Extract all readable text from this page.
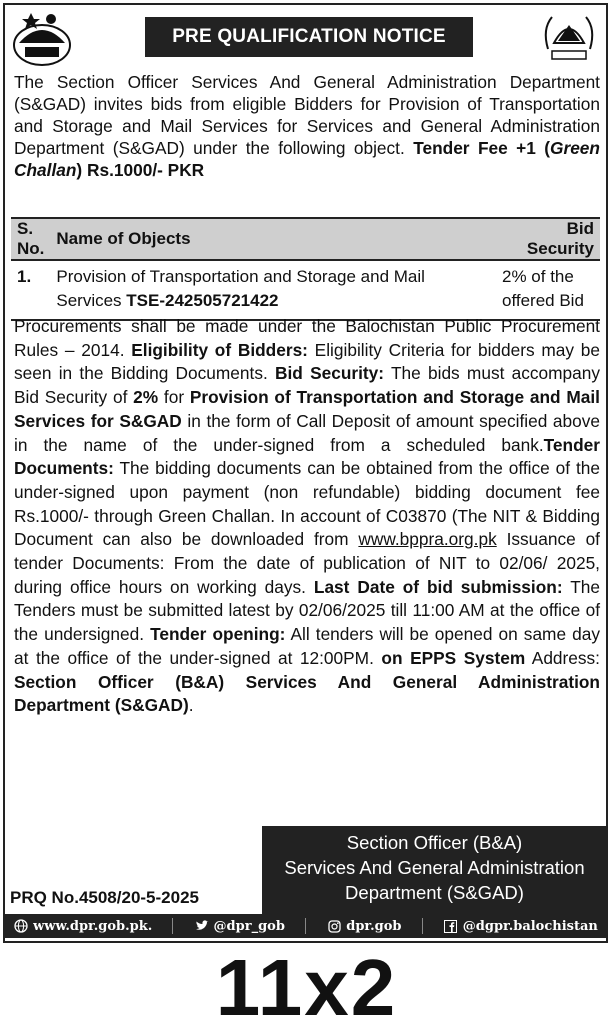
PRE QUALIFICATION NOTICE
The Section Officer Services And General Administration Department (S&GAD) invites bids from eligible Bidders for Provision of Transportation and Storage and Mail Services for Services and General Administration Department (S&GAD) under the following object. Tender Fee +1 (Green Challan) Rs.1000/- PKR
S. No.	Name of Objects	Bid Security
1.	Provision of Transportation and Storage and Mail Services TSE-242505721422	2% of the offered Bid
Procurements shall be made under the Balochistan Public Procurement Rules – 2014. Eligibility of Bidders: Eligibility Criteria for bidders may be seen in the Bidding Documents. Bid Security: The bids must accompany Bid Security of 2% for Provision of Transportation and Storage and Mail Services for S&GAD in the form of Call Deposit of amount specified above in the name of the under-signed from a scheduled bank.Tender Documents: The bidding documents can be obtained from the office of the under-signed upon payment (non refundable) bidding document fee Rs.1000/- through Green Challan. In account of C03870 (The NIT & Bidding Document can also be downloaded from www.bppra.org.pk Issuance of tender Documents: From the date of publication of NIT to 02/06/ 2025, during office hours on working days. Last Date of bid submission: The Tenders must be submitted latest by 02/06/2025 till 11:00 AM at the office of the undersigned. Tender opening: All tenders will be opened on same day at the office of the under-signed at 12:00PM. on EPPS System Address: Section Officer (B&A) Services And General Administration Department (S&GAD).
Section Officer (B&A)
Services And General Administration
Department (S&GAD)
PRQ No.4508/20-5-2025
www.dpr.gob.pk.	@dpr_gob	dpr.gob	@dgpr.balochistan
11x2
